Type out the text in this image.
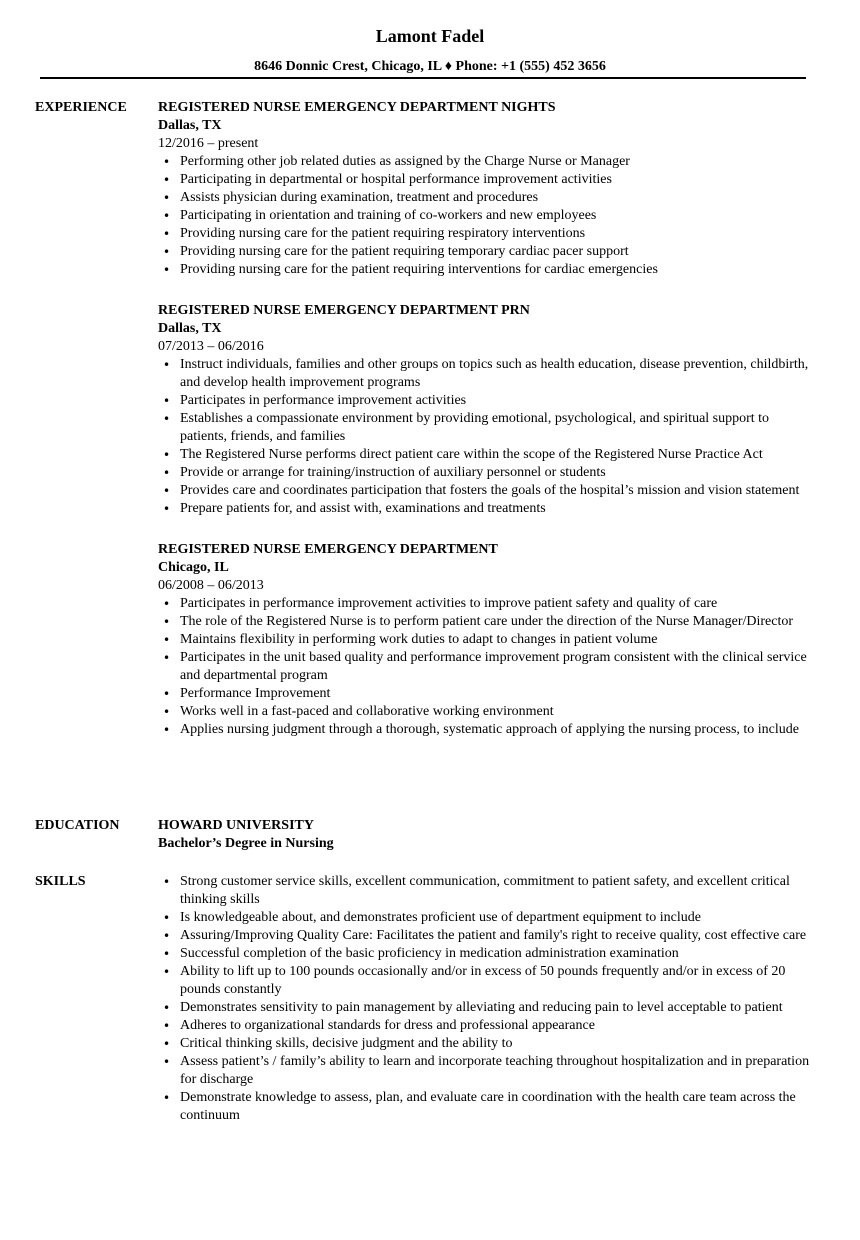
Lamont Fadel
8646 Donnic Crest, Chicago, IL ♦ Phone: +1 (555) 452 3656
EXPERIENCE REGISTERED NURSE EMERGENCY DEPARTMENT NIGHTS
Dallas, TX
12/2016 – present
• Performing other job related duties as assigned by the Charge Nurse or Manager
• Participating in departmental or hospital performance improvement activities
• Assists physician during examination, treatment and procedures
• Participating in orientation and training of co-workers and new employees
• Providing nursing care for the patient requiring respiratory interventions
• Providing nursing care for the patient requiring temporary cardiac pacer support
• Providing nursing care for the patient requiring interventions for cardiac emergencies
REGISTERED NURSE EMERGENCY DEPARTMENT PRN
Dallas, TX
07/2013 – 06/2016
• Instruct individuals, families and other groups on topics such as health education, disease prevention, childbirth, and develop health improvement programs
• Participates in performance improvement activities
• Establishes a compassionate environment by providing emotional, psychological, and spiritual support to patients, friends, and families
• The Registered Nurse performs direct patient care within the scope of the Registered Nurse Practice Act
• Provide or arrange for training/instruction of auxiliary personnel or students
• Provides care and coordinates participation that fosters the goals of the hospital’s mission and vision statement
• Prepare patients for, and assist with, examinations and treatments
REGISTERED NURSE EMERGENCY DEPARTMENT
Chicago, IL
06/2008 – 06/2013
• Participates in performance improvement activities to improve patient safety and quality of care
• The role of the Registered Nurse is to perform patient care under the direction of the Nurse Manager/Director
• Maintains flexibility in performing work duties to adapt to changes in patient volume
• Participates in the unit based quality and performance improvement program consistent with the clinical service and departmental program
• Performance Improvement
• Works well in a fast-paced and collaborative working environment
• Applies nursing judgment through a thorough, systematic approach of applying the nursing process, to include
EDUCATION	HOWARD UNIVERSITY
Bachelor’s Degree in Nursing
SKILLS
•	Strong customer service skills, excellent communication, commitment to patient safety, and excellent critical thinking skills
• Is knowledgeable about, and demonstrates proficient use of department equipment to include
• Assuring/Improving Quality Care: Facilitates the patient and family's right to receive quality, cost effective care
• Successful completion of the basic proficiency in medication administration examination
• Ability to lift up to 100 pounds occasionally and/or in excess of 50 pounds frequently and/or in excess of 20 pounds constantly
• Demonstrates sensitivity to pain management by alleviating and reducing pain to level acceptable to patient
• Adheres to organizational standards for dress and professional appearance
• Critical thinking skills, decisive judgment and the ability to
• Assess patient’s / family’s ability to learn and incorporate teaching throughout hospitalization and in preparation for discharge
• Demonstrate knowledge to assess, plan, and evaluate care in coordination with the health care team across the continuum
